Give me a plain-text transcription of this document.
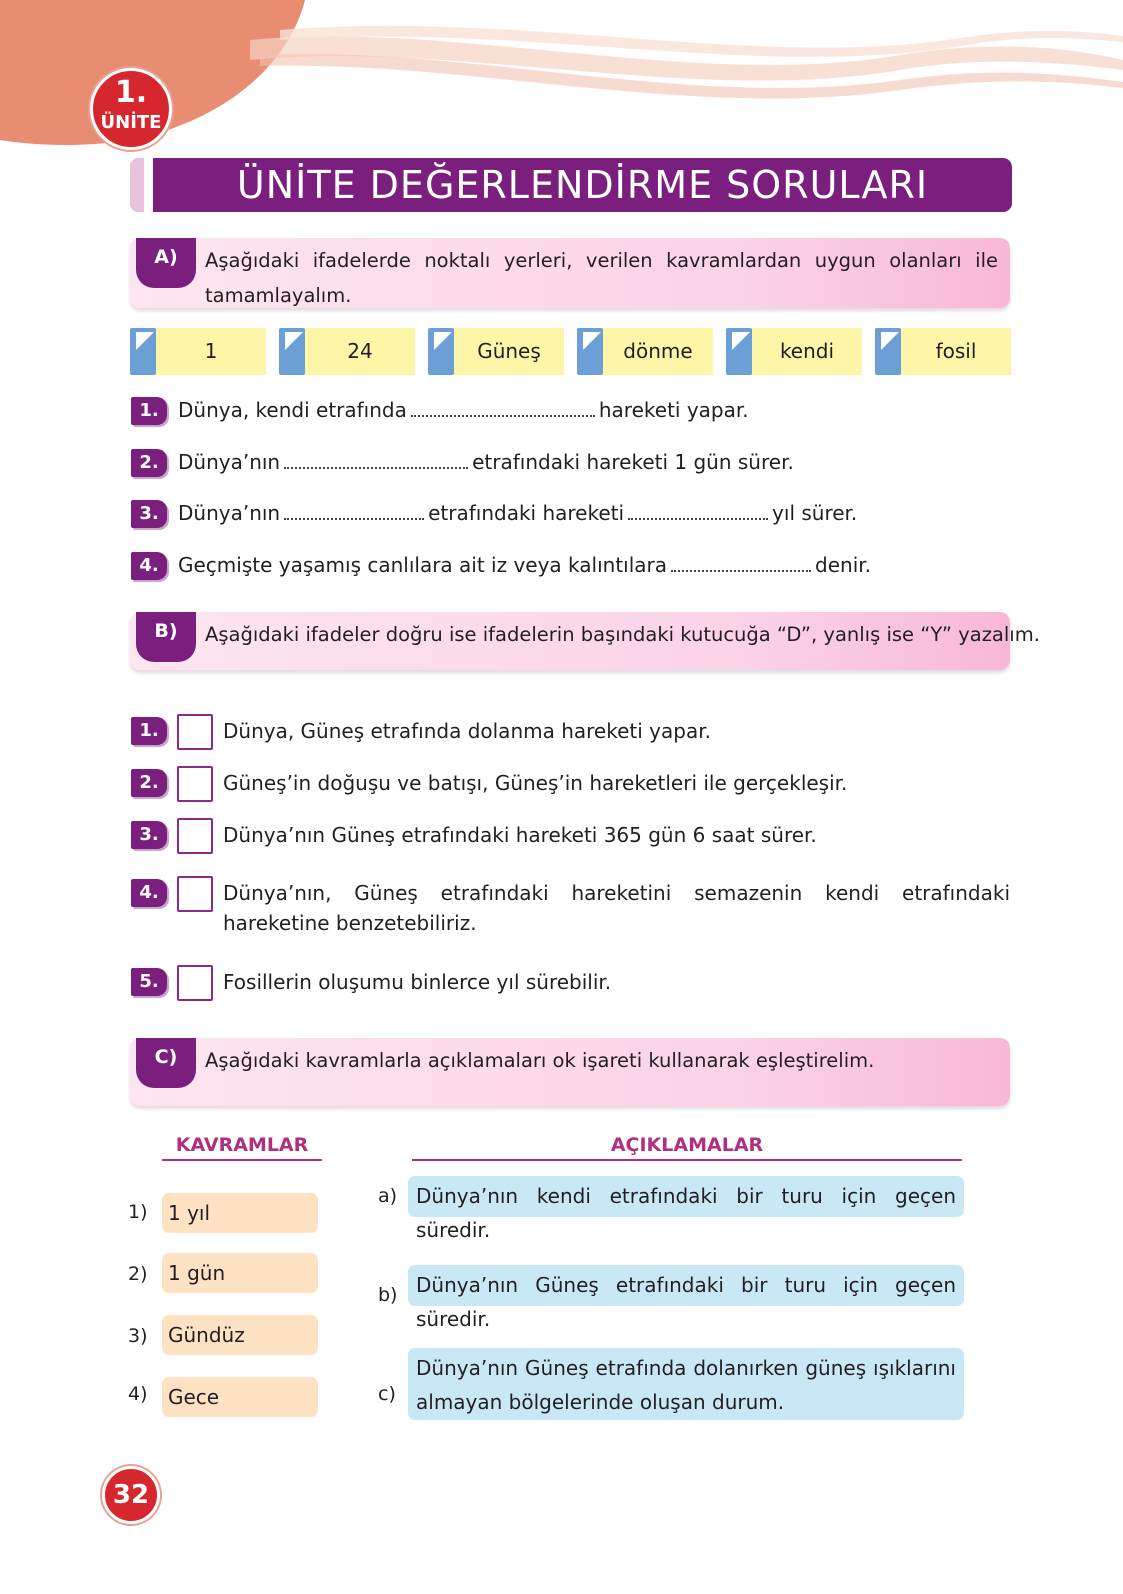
1.
ÜNİTE
ÜNİTE DEĞERLENDİRME SORULARI
A)	Aşağıdaki ifadelerde noktalı yerleri, verilen kavramlardan uygun olanları ile tamamlayalım.
1	24	Güneş	dönme	kendi	fosil
1. Dünya, kendi etrafında	hareketi yapar.
2. Dünya’nın	etrafındaki hareketi 1 gün sürer.
3. Dünya’nın	etrafındaki hareketi	yıl sürer.
4. Geçmişte yaşamış canlılara ait iz veya kalıntılara	denir.
B)	Aşağıdaki ifadeler doğru ise ifadelerin başındaki kutucuğa “D”, yanlış ise “Y” yazalım.
1.	Dünya, Güneş etrafında dolanma hareketi yapar.
2.	Güneş’in doğuşu ve batışı, Güneş’in hareketleri ile gerçekleşir.
3.	Dünya’nın Güneş etrafındaki hareketi 365 gün 6 saat sürer.
4.	Dünya’nın, Güneş etrafındaki hareketini semazenin kendi etrafındaki hareketine benzetebiliriz.
5.	Fosillerin oluşumu binlerce yıl sürebilir.
C)	Aşağıdaki kavramlarla açıklamaları ok işareti kullanarak eşleştirelim.
KAVRAMLAR	AÇIKLAMALAR
1)	1 yıl
2)	1 gün
3)	Gündüz
4)	Gece
a) Dünya’nın kendi etrafındaki bir turu için geçen süredir.
b) Dünya’nın Güneş etrafındaki bir turu için geçen süredir.
c)
Dünya’nın Güneş etrafında dolanırken güneş ışıklarını almayan bölgelerinde oluşan durum.
32
